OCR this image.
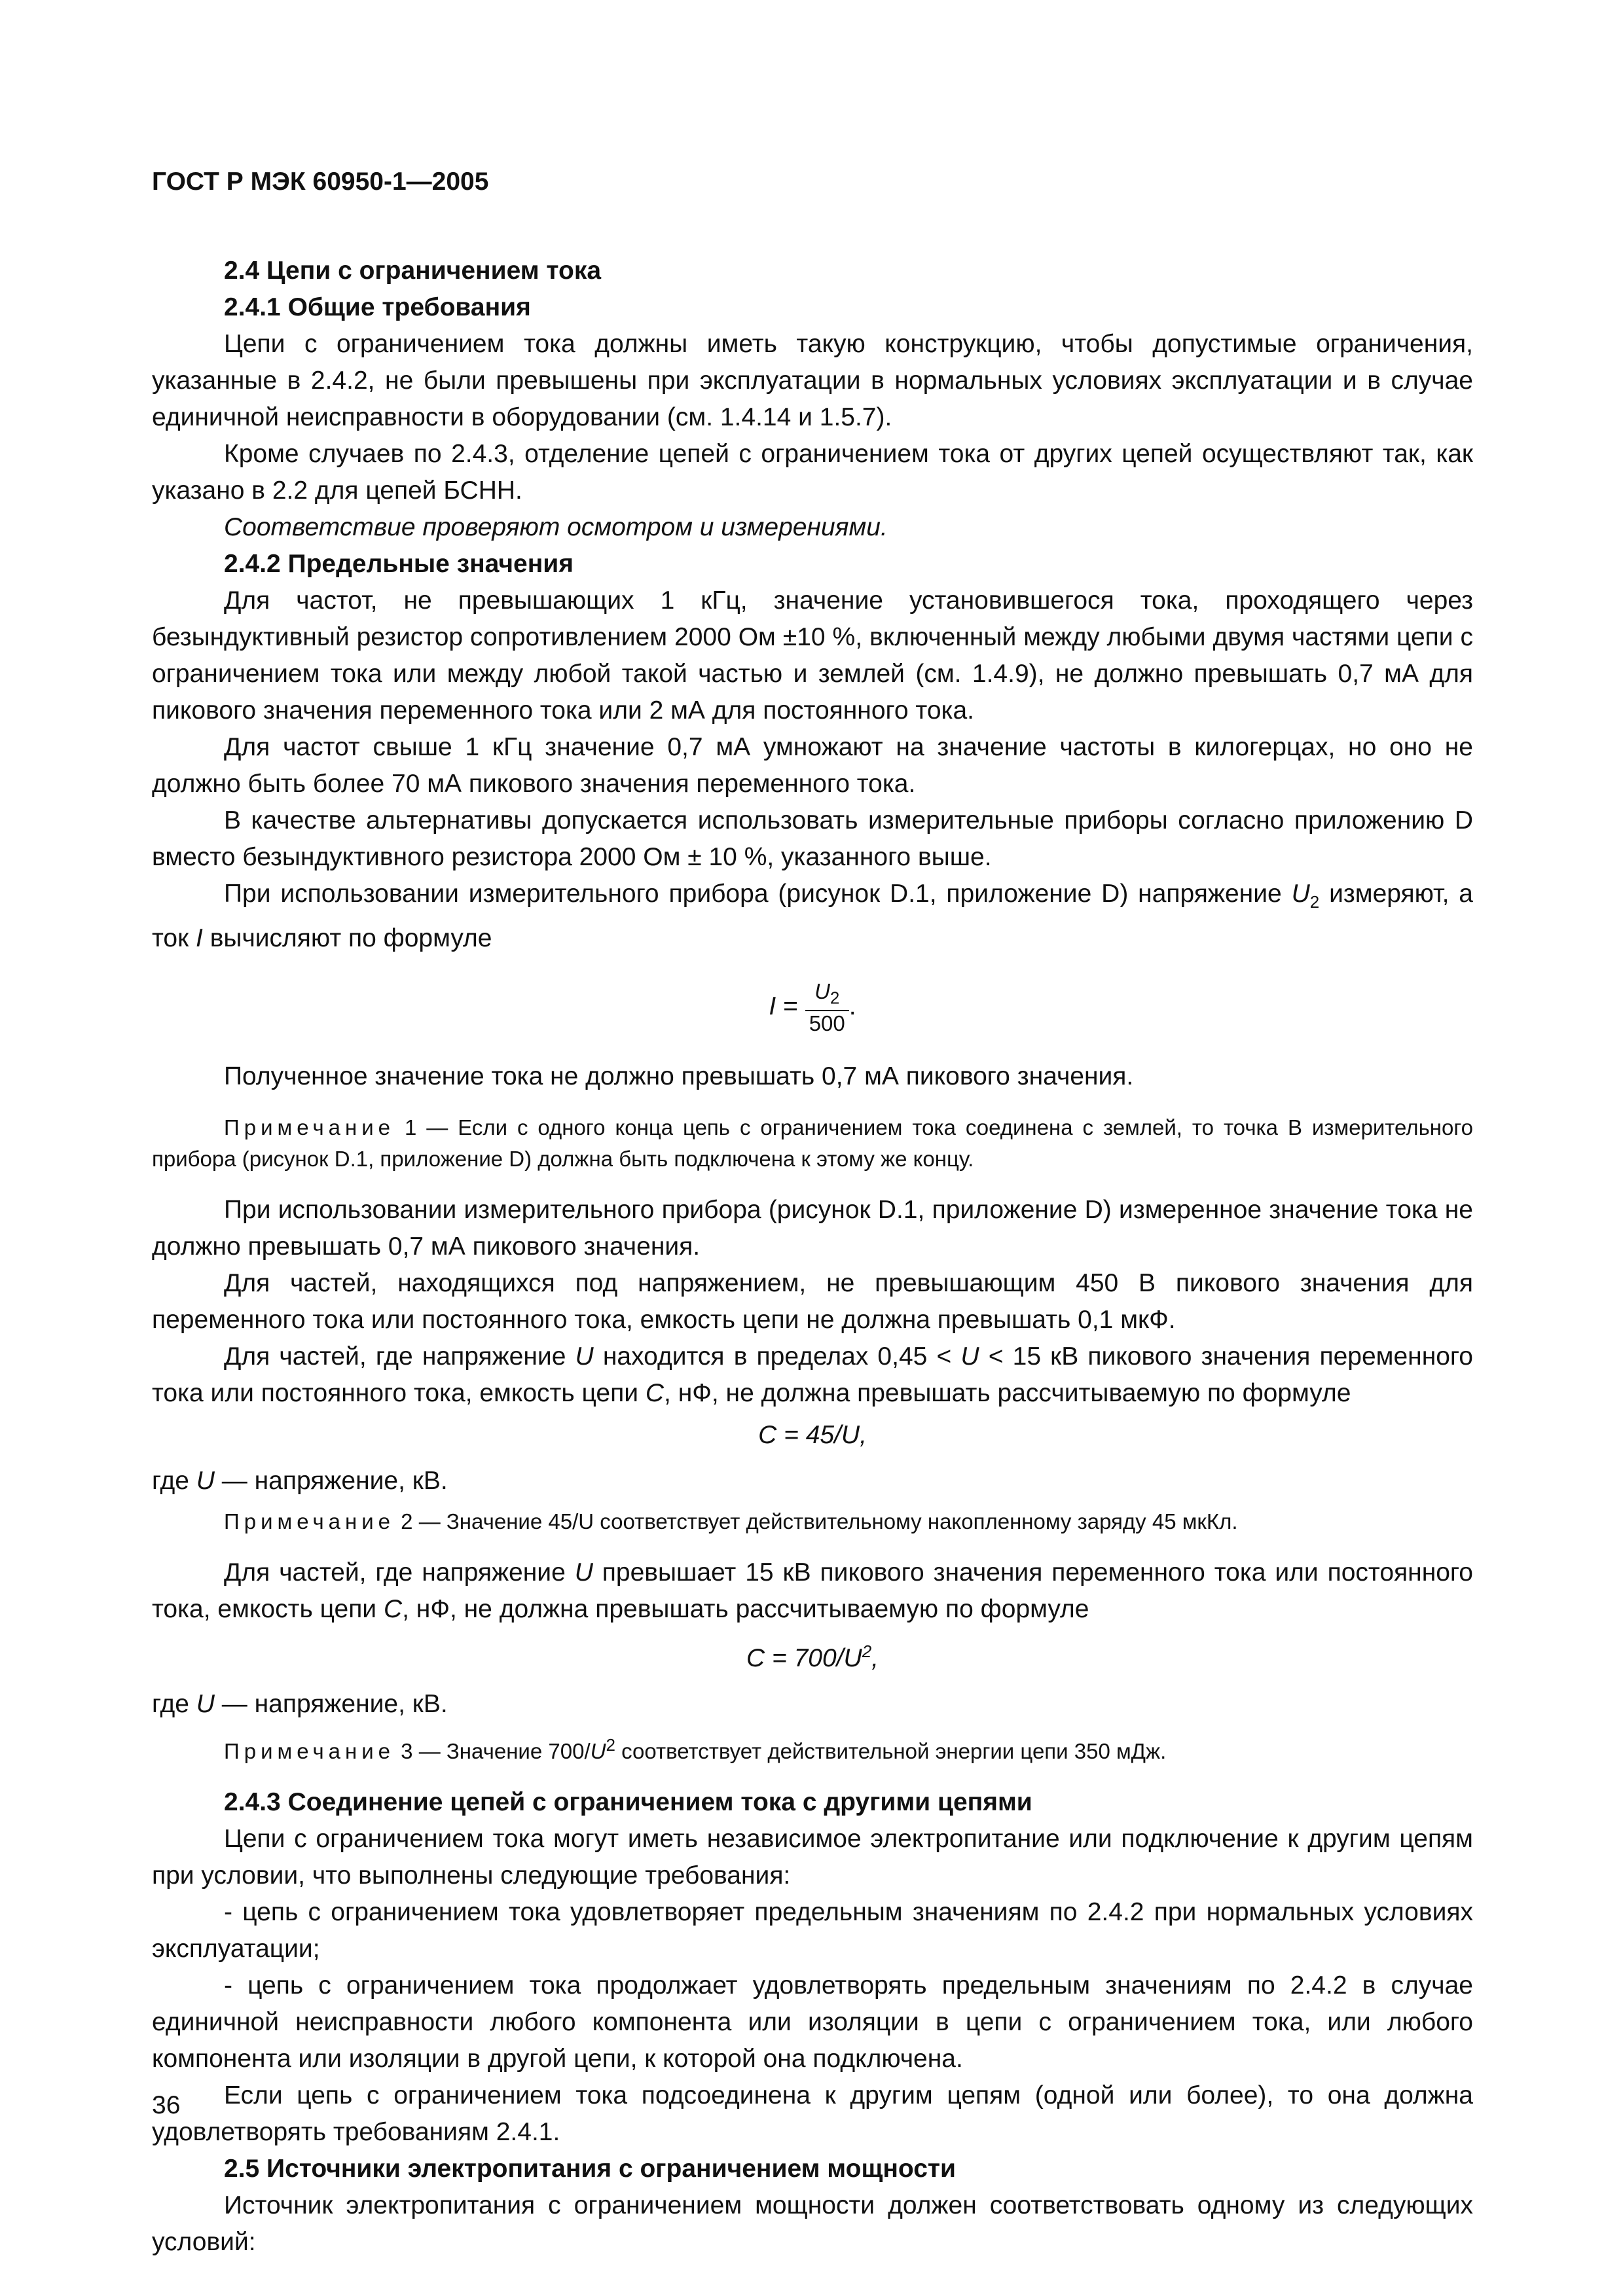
ГОСТ Р МЭК 60950-1—2005

2.4 Цепи с ограничением тока

2.4.1 Общие требования

Цепи с ограничением тока должны иметь такую конструкцию, чтобы допустимые ограничения, указанные в 2.4.2, не были превышены при эксплуатации в нормальных условиях эксплуатации и в случае единичной неисправности в оборудовании (см. 1.4.14 и 1.5.7).

Кроме случаев по 2.4.3, отделение цепей с ограничением тока от других цепей осуществляют так, как указано в 2.2 для цепей БСНН.

Соответствие проверяют осмотром и измерениями.

2.4.2 Предельные значения

Для частот, не превышающих 1 кГц, значение установившегося тока, проходящего через безындуктивный резистор сопротивлением 2000 Ом ±10 %, включенный между любыми двумя частями цепи с ограничением тока или между любой такой частью и землей (см. 1.4.9), не должно превышать 0,7 мА для пикового значения переменного тока или 2 мА для постоянного тока.

Для частот свыше 1 кГц значение 0,7 мА умножают на значение частоты в килогерцах, но оно не должно быть более 70 мА пикового значения переменного тока.

В качестве альтернативы допускается использовать измерительные приборы согласно приложению D вместо безындуктивного резистора 2000 Ом ± 10 %, указанного выше.

При использовании измерительного прибора (рисунок D.1, приложение D) напряжение $U_2$ измеряют, а ток I вычисляют по формуле

$I = \frac{U_2}{500}$ .

Полученное значение тока не должно превышать 0,7 мА пикового значения.

Примечание 1 — Если с одного конца цепь с ограничением тока соединена с землей, то точка B измерительного прибора (рисунок D.1, приложение D) должна быть подключена к этому же концу.

При использовании измерительного прибора (рисунок D.1, приложение D) измеренное значение тока не должно превышать 0,7 мА пикового значения.

Для частей, находящихся под напряжением, не превышающим 450 В пикового значения для переменного тока или постоянного тока, емкость цепи не должна превышать 0,1 мкФ.

Для частей, где напряжение U находится в пределах 0,45 < U < 15 кВ пикового значения переменного тока или постоянного тока, емкость цепи C, нФ, не должна превышать рассчитываемую по формуле

C = 45/U,

где U — напряжение, кВ.

Примечание 2 — Значение 45/U соответствует действительному накопленному заряду 45 мкКл.

Для частей, где напряжение U превышает 15 кВ пикового значения переменного тока или постоянного тока, емкость цепи C, нФ, не должна превышать рассчитываемую по формуле

$C = 700/U^2$,

где U — напряжение, кВ.

Примечание 3 — Значение $700/U^2$ соответствует действительной энергии цепи 350 мДж.

2.4.3 Соединение цепей с ограничением тока с другими цепями

Цепи с ограничением тока могут иметь независимое электропитание или подключение к другим цепям при условии, что выполнены следующие требования:

- цепь с ограничением тока удовлетворяет предельным значениям по 2.4.2 при нормальных условиях эксплуатации;

- цепь с ограничением тока продолжает удовлетворять предельным значениям по 2.4.2 в случае единичной неисправности любого компонента или изоляции в цепи с ограничением тока, или любого компонента или изоляции в другой цепи, к которой она подключена.

Если цепь с ограничением тока подсоединена к другим цепям (одной или более), то она должна удовлетворять требованиям 2.4.1.

2.5 Источники электропитания с ограничением мощности

Источник электропитания с ограничением мощности должен соответствовать одному из следующих условий:

36
